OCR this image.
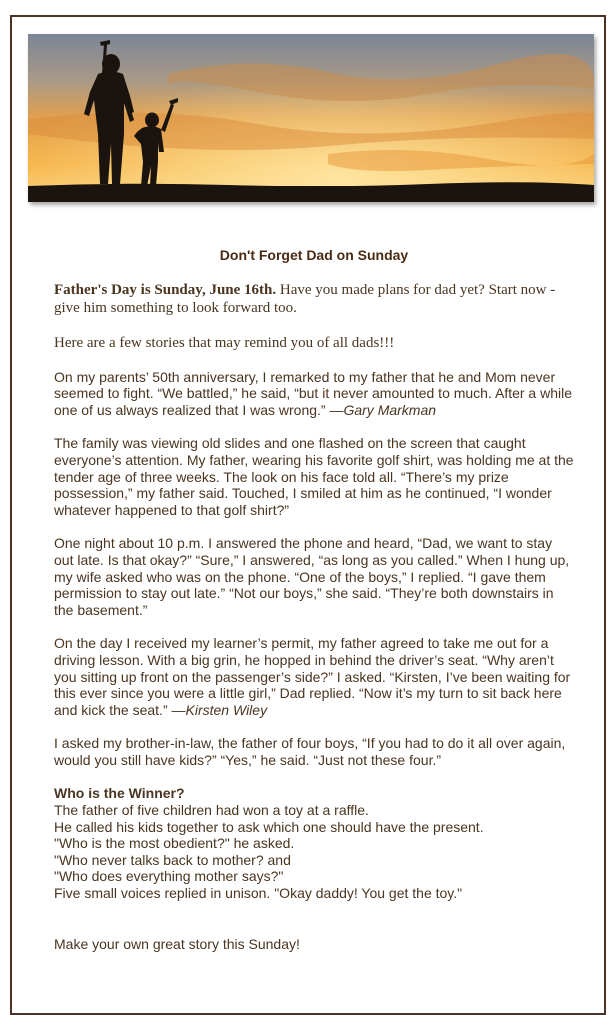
Don't Forget Dad on Sunday

Father's Day is Sunday, June 16th. Have you made plans for dad yet? Start now - give him something to look forward too.

Here are a few stories that may remind you of all dads!!!

On my parents’ 50th anniversary, I remarked to my father that he and Mom never seemed to fight. “We battled,” he said, “but it never amounted to much. After a while one of us always realized that I was wrong.” —Gary Markman

The family was viewing old slides and one flashed on the screen that caught everyone’s attention. My father, wearing his favorite golf shirt, was holding me at the tender age of three weeks. The look on his face told all. “There’s my prize possession,” my father said. Touched, I smiled at him as he continued, “I wonder whatever happened to that golf shirt?”

One night about 10 p.m. I answered the phone and heard, “Dad, we want to stay out late. Is that okay?” “Sure,” I answered, “as long as you called.” When I hung up, my wife asked who was on the phone. “One of the boys,” I replied. “I gave them permission to stay out late.” “Not our boys,” she said. “They’re both downstairs in the basement.”

On the day I received my learner’s permit, my father agreed to take me out for a driving lesson. With a big grin, he hopped in behind the driver’s seat. “Why aren’t you sitting up front on the passenger’s side?” I asked. “Kirsten, I’ve been waiting for this ever since you were a little girl,” Dad replied. “Now it’s my turn to sit back here and kick the seat.” —Kirsten Wiley

I asked my brother-in-law, the father of four boys, “If you had to do it all over again, would you still have kids?” “Yes,” he said. “Just not these four.”

Who is the Winner?
The father of five children had won a toy at a raffle.
He called his kids together to ask which one should have the present.
"Who is the most obedient?" he asked.
"Who never talks back to mother? and
"Who does everything mother says?"
Five small voices replied in unison. "Okay daddy! You get the toy."
Make your own great story this Sunday!
